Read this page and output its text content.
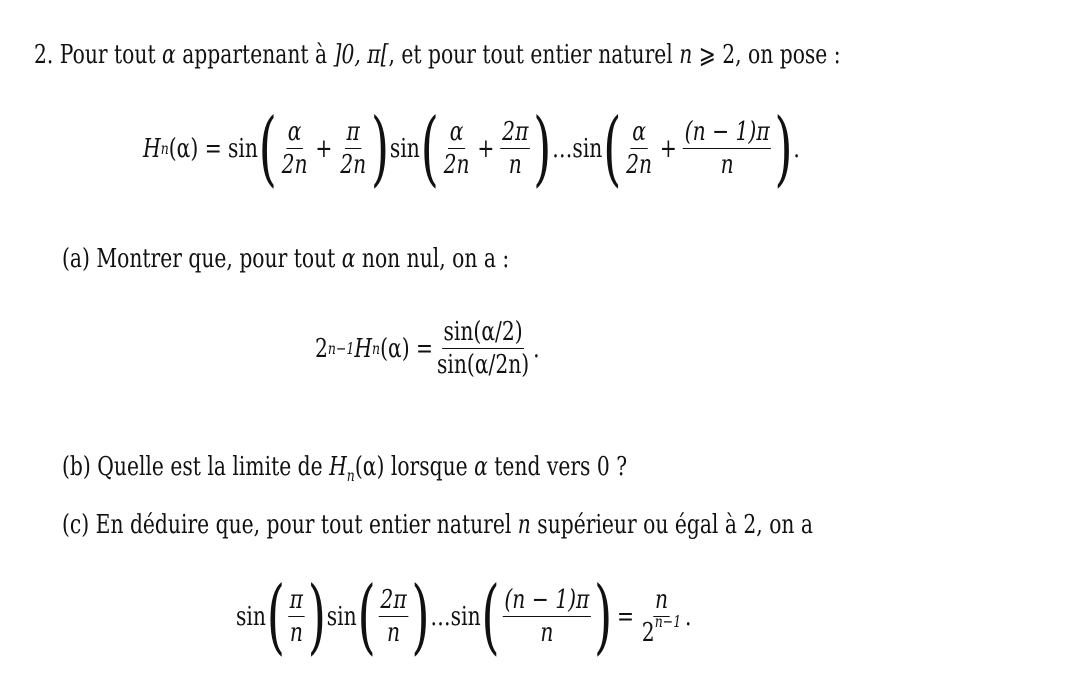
2. Pour tout α appartenant à ]0, π[, et pour tout entier naturel n ⩾ 2, on pose :
H n (α) = sin ( $\frac{\alpha}{2n} + \frac{\pi}{2n}$ ) sin ( $\frac{\alpha}{2n} + \frac{2\pi}{n}$ ) …sin ( $\frac{\alpha}{2n} + \frac{(n - 1)\pi}{n}$ ) .
(a) Montrer que, pour tout α non nul, on a :
2 n−1 H n $(\alpha) = \frac{\sin(\alpha/2)}{\sin(\alpha/2n)}$ .
(b) Quelle est la limite de $H_n(\alpha)$ lorsque α tend vers 0 ?
(c) En déduire que, pour tout entier naturel n supérieur ou égal à 2, on a
sin ( $\frac{\pi}{n}$ ) sin ( $\frac{2\pi}{n}$ ) …sin ( $\frac{(n - 1)\pi}{n}$ ) = $\frac{n}{2^{n-1}}$ .
